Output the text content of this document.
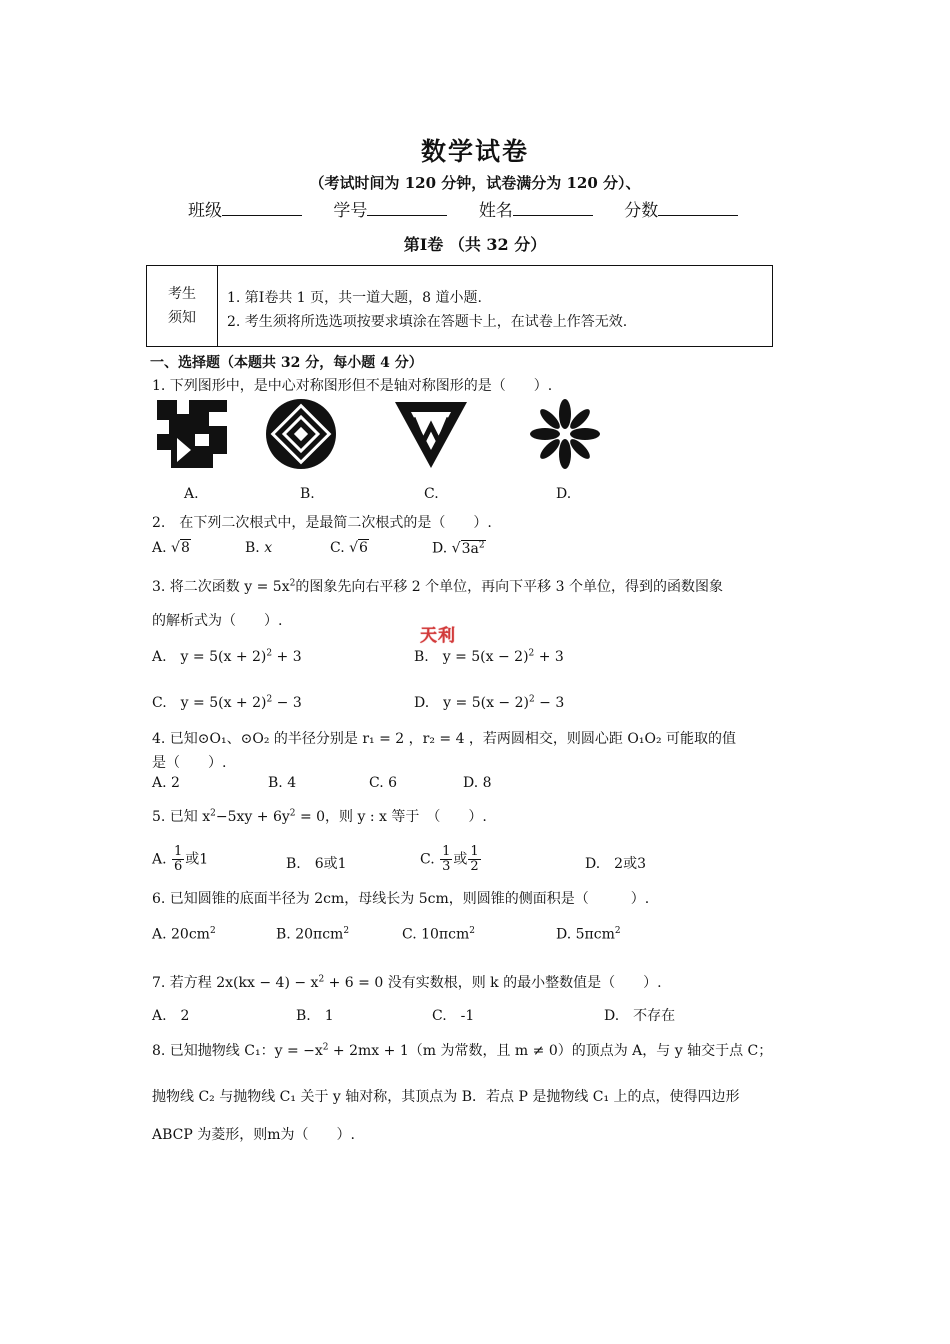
数学试卷
（考试时间为 120 分钟，试卷满分为 120 分）、
班级	学号	姓名	分数
第Ⅰ卷 （共 32 分）
考生
须知
1. 第Ⅰ卷共 1 页，共一道大题，8 道小题.
2. 考生须将所选选项按要求填涂在答题卡上，在试卷上作答无效.
一、选择题（本题共 32 分，每小题 4 分）
1. 下列图形中，是中心对称图形但不是轴对称图形的是（　　）.
A.	B.	C.	D.
2.　在下列二次根式中，是最简二次根式的是（　　）.
A. √8	B. x	C. √6	D. $√3a^2$
3. 将二次函数 $y = 5x^2$的图象先向右平移 2 个单位，再向下平移 3 个单位，得到的函数图象
的解析式为（　　）.
天利
A.　$y = 5(x + 2)^2 + 3$	B.　$y = 5(x - 2)^2 + 3$
C.　$y = 5(x + 2)^2 - 3$	D.　$y = 5(x - 2)^2 - 3$
4. 已知⊙O₁、⊙O₂ 的半径分别是 r₁ = 2 ，r₂ = 4 ，若两圆相交，则圆心距 O₁O₂ 可能取的值
是（　　）.
A. 2	B. 4	C. 6	D. 8
5. 已知 $x^2-5xy + 6y^2 = 0$，则 y : x 等于　（　　）.
A. $\frac{1}{6}$ 或1	B.　6或1	C. $\frac{1}{3}$ 或 $\frac{1}{2}$	D.　2或3
6. 已知圆锥的底面半径为 2cm，母线长为 5cm，则圆锥的侧面积是（　　　）.
A. $20cm^2$	B. 20πcm$^2$	C. 10πcm$^2$	D. 5πcm$^2$
7. 若方程 $2x(kx - 4) - x^2 + 6 = 0$ 没有实数根，则 k 的最小整数值是（　　）.
A.　2	B.　1	C.　-1	D.　不存在
8. 已知抛物线 C₁：$y = -x^2 + 2mx + 1(m$ 为常数，且 m ≠ 0）的顶点为 A，与 y 轴交于点 C；
抛物线 C₂ 与抛物线 C₁ 关于 y 轴对称，其顶点为 B．若点 P 是抛物线 C₁ 上的点，使得四边形
ABCP 为菱形，则m为（　　）.
